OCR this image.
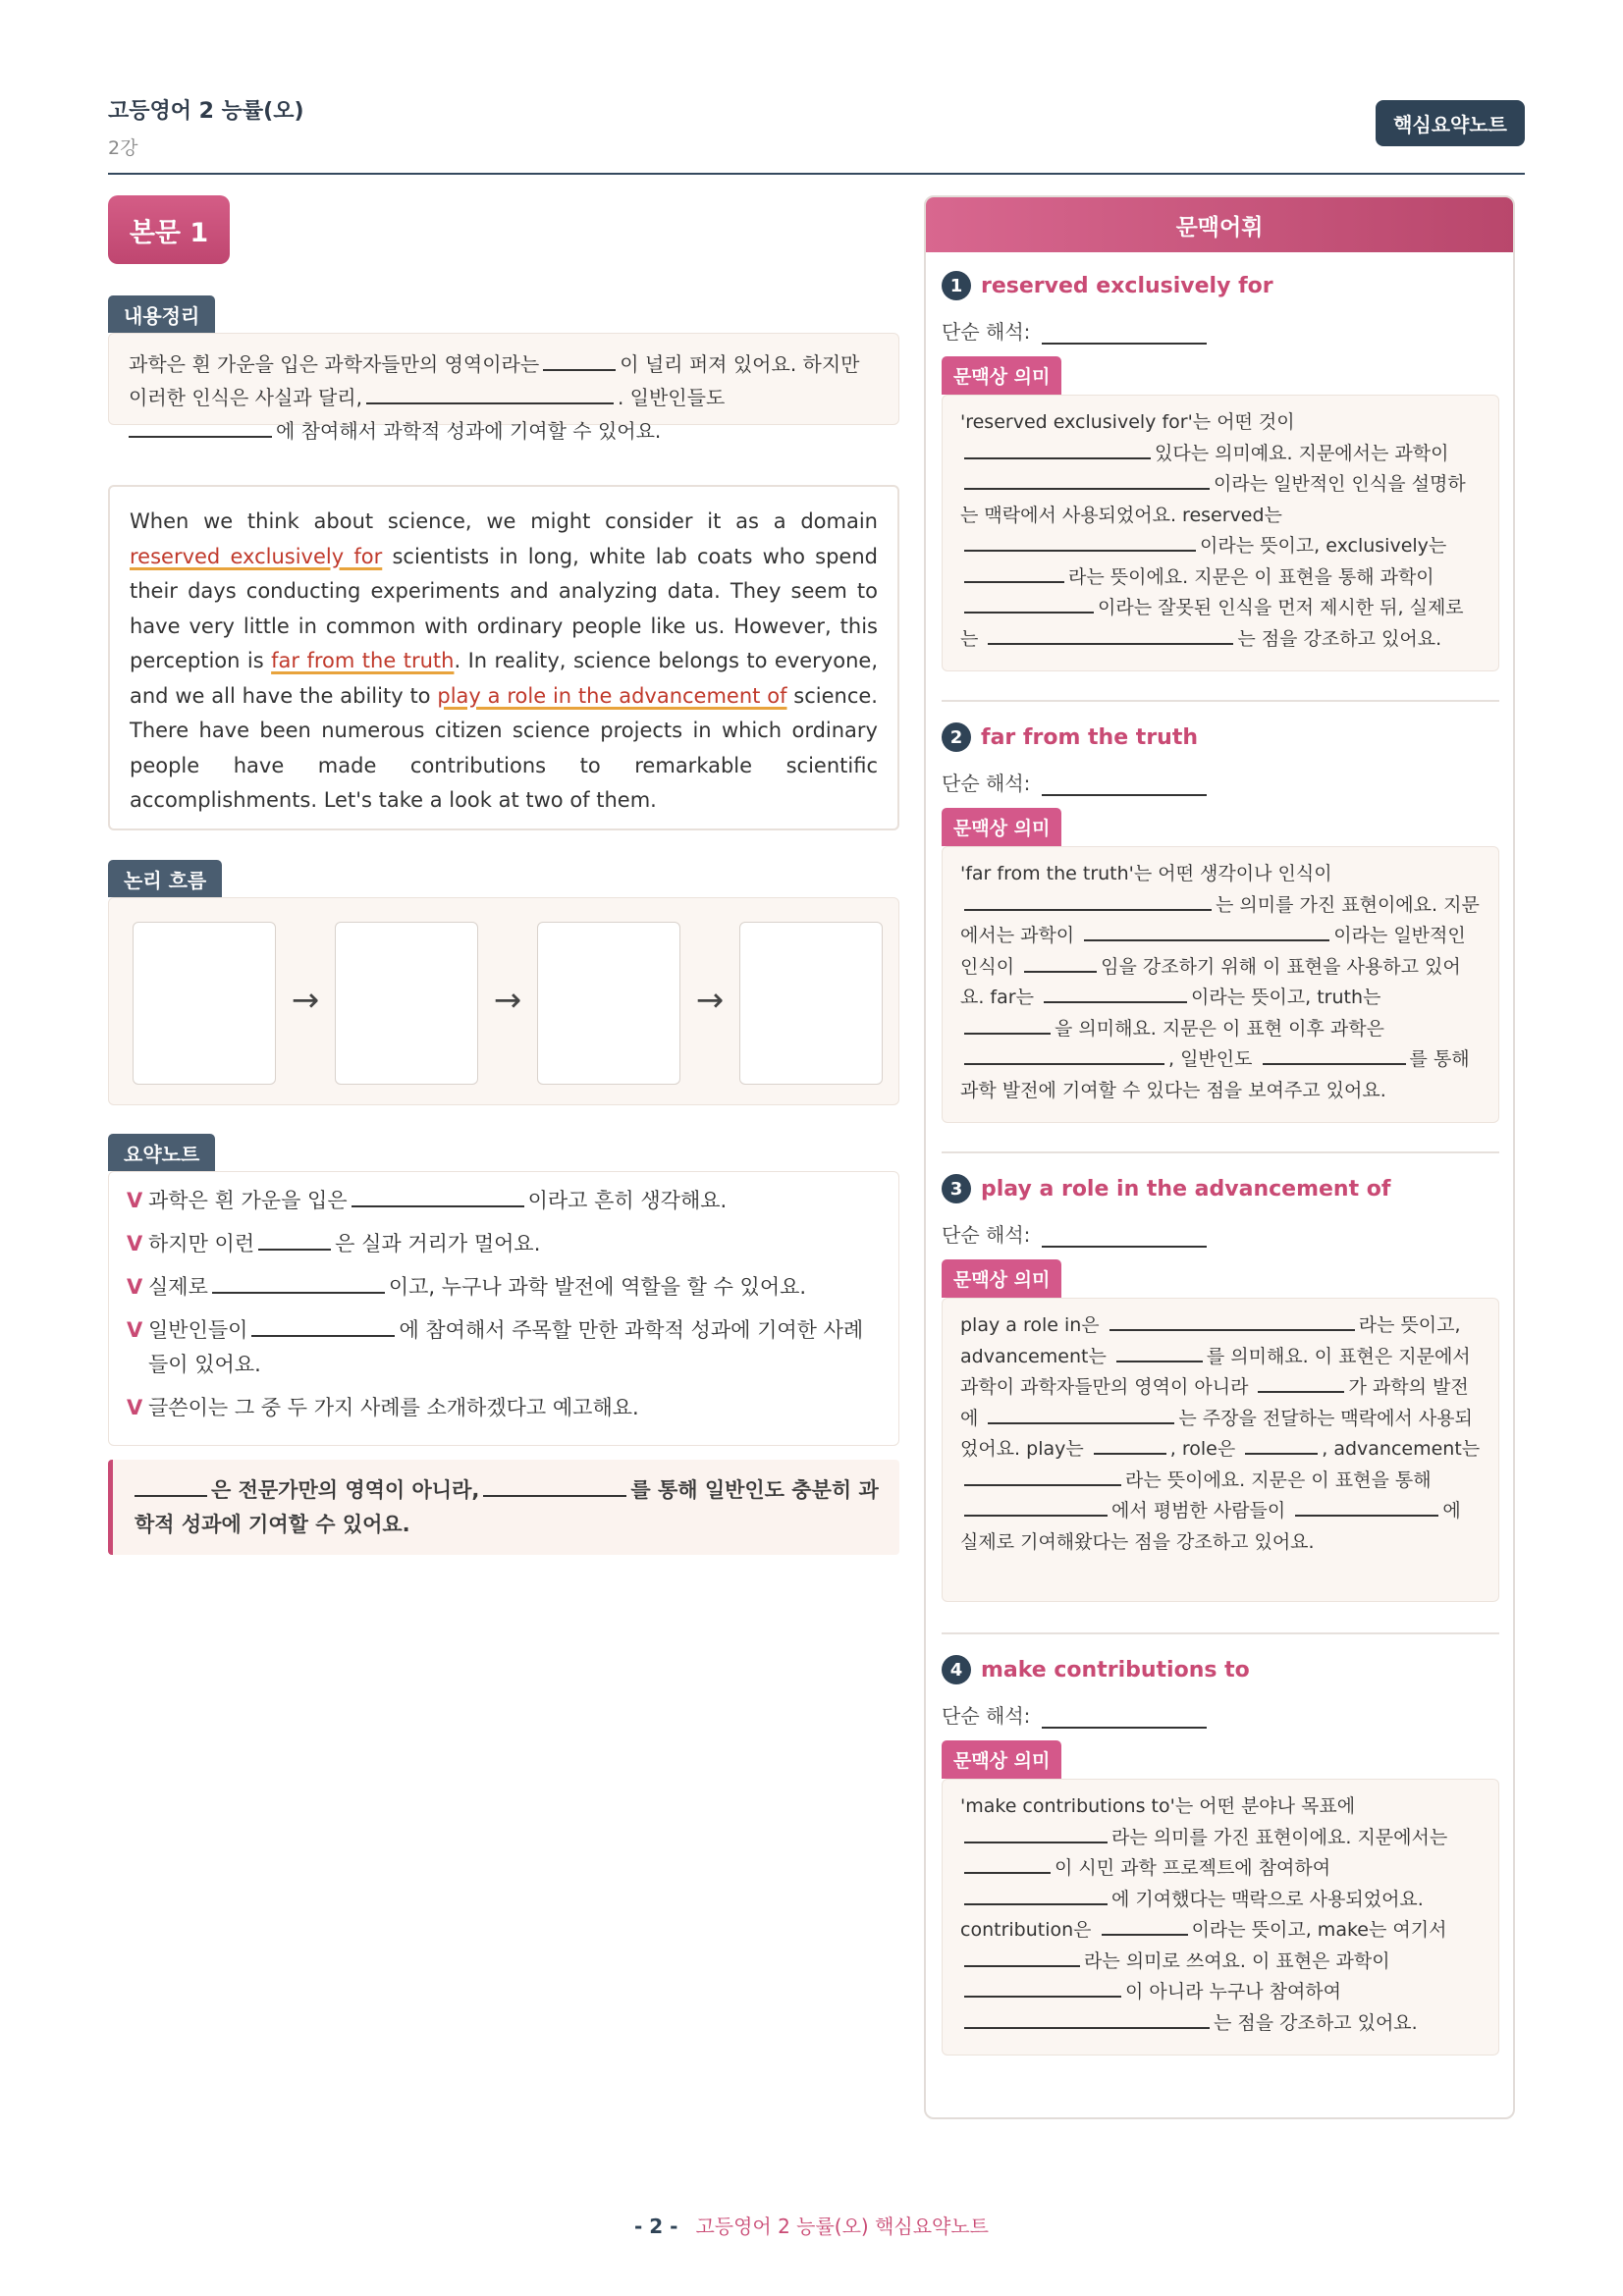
고등영어 2 능률(오)
2강
핵심요약노트
본문 1
내용정리
과학은 흰 가운을 입은 과학자들만의 영역이라는	이 널리 퍼져 있어요. 하지만 이러한 인식은 사실과 달리,	. 일반인들도
에 참여해서 과학적 성과에 기여할 수 있어요.
When we think about science, we might consider it as a domain reserved exclusively for scientists in long, white lab coats who spend their days conducting experiments and analyzing data. They seem to have very little in common with ordinary people like us. However, this perception is far from the truth. In reality, science belongs to everyone, and we all have the ability to play a role in the advancement of science. There have been numerous citizen science projects in which ordinary people have made contributions to remarkable scientific accomplishments. Let's take a look at two of them.
논리 흐름
→	→	→
요약노트
V 과학은 흰 가운을 입은	이라고 흔히 생각해요.
V 하지만 이런	은 실과 거리가 멀어요.
V 실제로	이고, 누구나 과학 발전에 역할을 할 수 있어요.
V 일반인들이	에 참여해서 주목할 만한 과학적 성과에 기여한 사례들이 있어요.
V 글쓴이는 그 중 두 가지 사례를 소개하겠다고 예고해요.
은 전문가만의 영역이 아니라,	를 통해 일반인도 충분히 과학적 성과에 기여할 수 있어요.
문맥어휘
1 reserved exclusively for
단순 해석:
문맥상 의미
'reserved exclusively for'는 어떤 것이
있다는 의미예요. 지문에서는 과학이 이라는 일반적인 인식을 설명하는 맥락에서 사용되었어요. reserved는 이라는 뜻이고, exclusively는 라는 뜻이에요. 지문은 이 표현을 통해 과학이 이라는 잘못된 인식을 먼저 제시한 뒤, 실제로는	는 점을 강조하고 있어요.
2 far from the truth
단순 해석:
문맥상 의미
'far from the truth'는 어떤 생각이나 인식이
는 의미를 가진 표현이에요. 지문에서는 과학이	이라는 일반적인 인식이	임을 강조하기 위해 이 표현을 사용하고 있어요. far는	이라는 뜻이고, truth는 을 의미해요. 지문은 이 표현 이후 과학은 , 일반인도	를 통해 과학 발전에 기여할 수 있다는 점을 보여주고 있어요.
3 play a role in the advancement of
단순 해석:
문맥상 의미
play a role in은	라는 뜻이고, advancement는	를 의미해요. 이 표현은 지문에서 과학이 과학자들만의 영역이 아니라	가 과학의 발전에	는 주장을 전달하는 맥락에서 사용되었어요. play는	, role은	, advancement는 라는 뜻이에요. 지문은 이 표현을 통해 에서 평범한 사람들이	에 실제로 기여해왔다는 점을 강조하고 있어요.
4 make contributions to
단순 해석:
문맥상 의미
'make contributions to'는 어떤 분야나 목표에
라는 의미를 가진 표현이에요. 지문에서는 이 시민 과학 프로젝트에 참여하여 에 기여했다는 맥락으로 사용되었어요. contribution은	이라는 뜻이고, make는 여기서 라는 의미로 쓰여요. 이 표현은 과학이 이 아니라 누구나 참여하여 는 점을 강조하고 있어요.
- 2 - 고등영어 2 능률(오) 핵심요약노트
